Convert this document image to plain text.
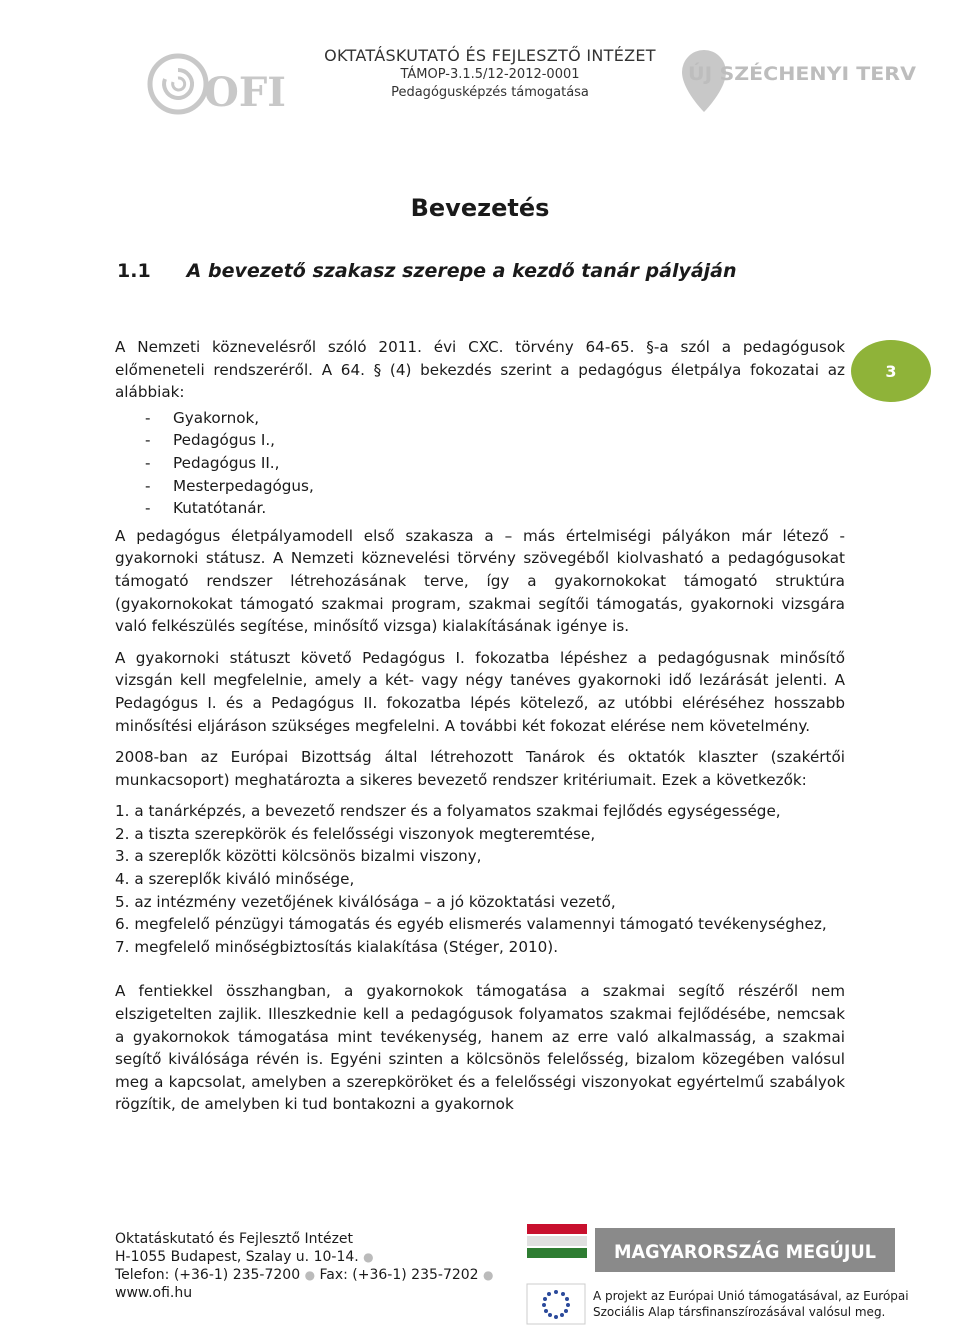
OFI
OKTATÁSKUTATÓ ÉS FEJLESZTŐ INTÉZET
TÁMOP-3.1.5/12-2012-0001
Pedagógusképzés támogatása
ÚJ SZÉCHENYI TERV
3
Bevezetés
1.1 A bevezető szakasz szerepe a kezdő tanár pályáján

A Nemzeti köznevelésről szóló 2011. évi CXC. törvény 64-65. §-a szól a pedagógusok előmeneteli rendszeréről. A 64. § (4) bekezdés szerint a pedagógus életpálya fokozatai az alábbiak:

- Gyakornok,
- Pedagógus I.,
- Pedagógus II.,
- Mesterpedagógus,
- Kutatótanár.

A pedagógus életpályamodell első szakasza a – más értelmiségi pályákon már létező - gyakornoki státusz. A Nemzeti köznevelési törvény szövegéből kiolvasható a pedagógusokat támogató rendszer létrehozásának terve, így a gyakornokokat támogató struktúra (gyakornokokat támogató szakmai program, szakmai segítői támogatás, gyakornoki vizsgára való felkészülés segítése, minősítő vizsga) kialakításának igénye is.

A gyakornoki státuszt követő Pedagógus I. fokozatba lépéshez a pedagógusnak minősítő vizsgán kell megfelelnie, amely a két- vagy négy tanéves gyakornoki idő lezárását jelenti. A Pedagógus I. és a Pedagógus II. fokozatba lépés kötelező, az utóbbi eléréséhez hosszabb minősítési eljáráson szükséges megfelelni. A további két fokozat elérése nem követelmény.

2008-ban az Európai Bizottság által létrehozott Tanárok és oktatók klaszter (szakértői munkacsoport) meghatározta a sikeres bevezető rendszer kritériumait. Ezek a következők:

1. a tanárképzés, a bevezető rendszer és a folyamatos szakmai fejlődés egységessége,
2. a tiszta szerepkörök és felelősségi viszonyok megteremtése,
3. a szereplők közötti kölcsönös bizalmi viszony,
4. a szereplők kiváló minősége,
5. az intézmény vezetőjének kiválósága – a jó közoktatási vezető,
6. megfelelő pénzügyi támogatás és egyéb elismerés valamennyi támogató tevékenységhez,
7. megfelelő minőségbiztosítás kialakítása (Stéger, 2010).

A fentiekkel összhangban, a gyakornokok támogatása a szakmai segítő részéről nem elszigetelten zajlik. Illeszkednie kell a pedagógusok folyamatos szakmai fejlődésébe, nemcsak a gyakornokok támogatása mint tevékenység, hanem az erre való alkalmasság, a szakmai segítő kiválósága révén is. Egyéni szinten a kölcsönös felelősség, bizalom közegében valósul meg a kapcsolat, amelyben a szerepköröket és a felelősségi viszonyokat egyértelmű szabályok rögzítik, de amelyben ki tud bontakozni a gyakornok

Oktatáskutató és Fejlesztő Intézet
H-1055 Budapest, Szalay u. 10-14. ●
Telefon: (+36-1) 235-7200 ● Fax: (+36-1) 235-7202 ●
www.ofi.hu
MAGYARORSZÁG MEGÚJUL
A projekt az Európai Unió támogatásával, az Európai
Szociális Alap társfinanszírozásával valósul meg.
